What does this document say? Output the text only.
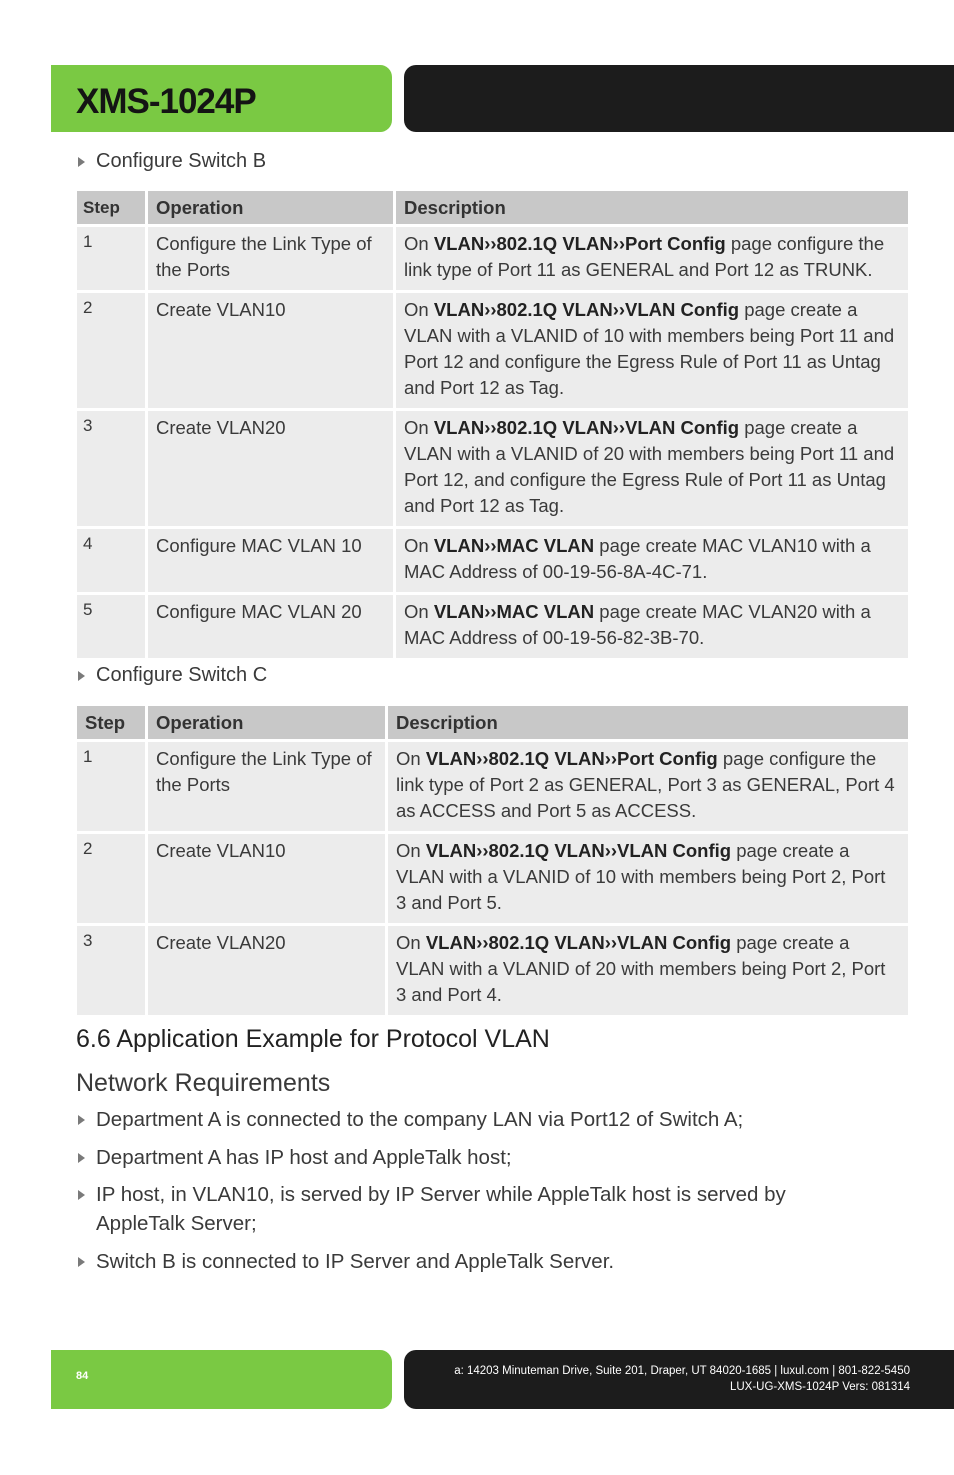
XMS-1024P
Configure Switch B
Step	Operation	Description
1	Configure the Link Type of the Ports	On VLAN››802.1Q VLAN››Port Config page configure the link type of Port 11 as GENERAL and Port 12 as TRUNK.
2	Create VLAN10	On VLAN››802.1Q VLAN››VLAN Config page create a VLAN with a VLANID of 10 with members being Port 11 and Port 12 and configure the Egress Rule of Port 11 as Untag and Port 12 as Tag.
3	Create VLAN20	On VLAN››802.1Q VLAN››VLAN Config page create a VLAN with a VLANID of 20 with members being Port 11 and Port 12, and configure the Egress Rule of Port 11 as Untag and Port 12 as Tag.
4	Configure MAC VLAN 10	On VLAN››MAC VLAN page create MAC VLAN10 with a MAC Address of 00-19-56-8A-4C-71.
5	Configure MAC VLAN 20	On VLAN››MAC VLAN page create MAC VLAN20 with a MAC Address of 00-19-56-82-3B-70.
Configure Switch C
Step	Operation	Description
1	Configure the Link Type of the Ports	On VLAN››802.1Q VLAN››Port Config page configure the link type of Port 2 as GENERAL, Port 3 as GENERAL, Port 4 as ACCESS and Port 5 as ACCESS.
2	Create VLAN10	On VLAN››802.1Q VLAN››VLAN Config page create a VLAN with a VLANID of 10 with members being Port 2, Port 3 and Port 5.
3	Create VLAN20	On VLAN››802.1Q VLAN››VLAN Config page create a VLAN with a VLANID of 20 with members being Port 2, Port 3 and Port 4.
6.6 Application Example for Protocol VLAN
Network Requirements
Department A is connected to the company LAN via Port12 of Switch A;
Department A has IP host and AppleTalk host;
IP host, in VLAN10, is served by IP Server while AppleTalk host is served by AppleTalk Server;
Switch B is connected to IP Server and AppleTalk Server.
84	a: 14203 Minuteman Drive, Suite 201, Draper, UT 84020-1685 | luxul.com | 801-822-5450
LUX-UG-XMS-1024P Vers: 081314
